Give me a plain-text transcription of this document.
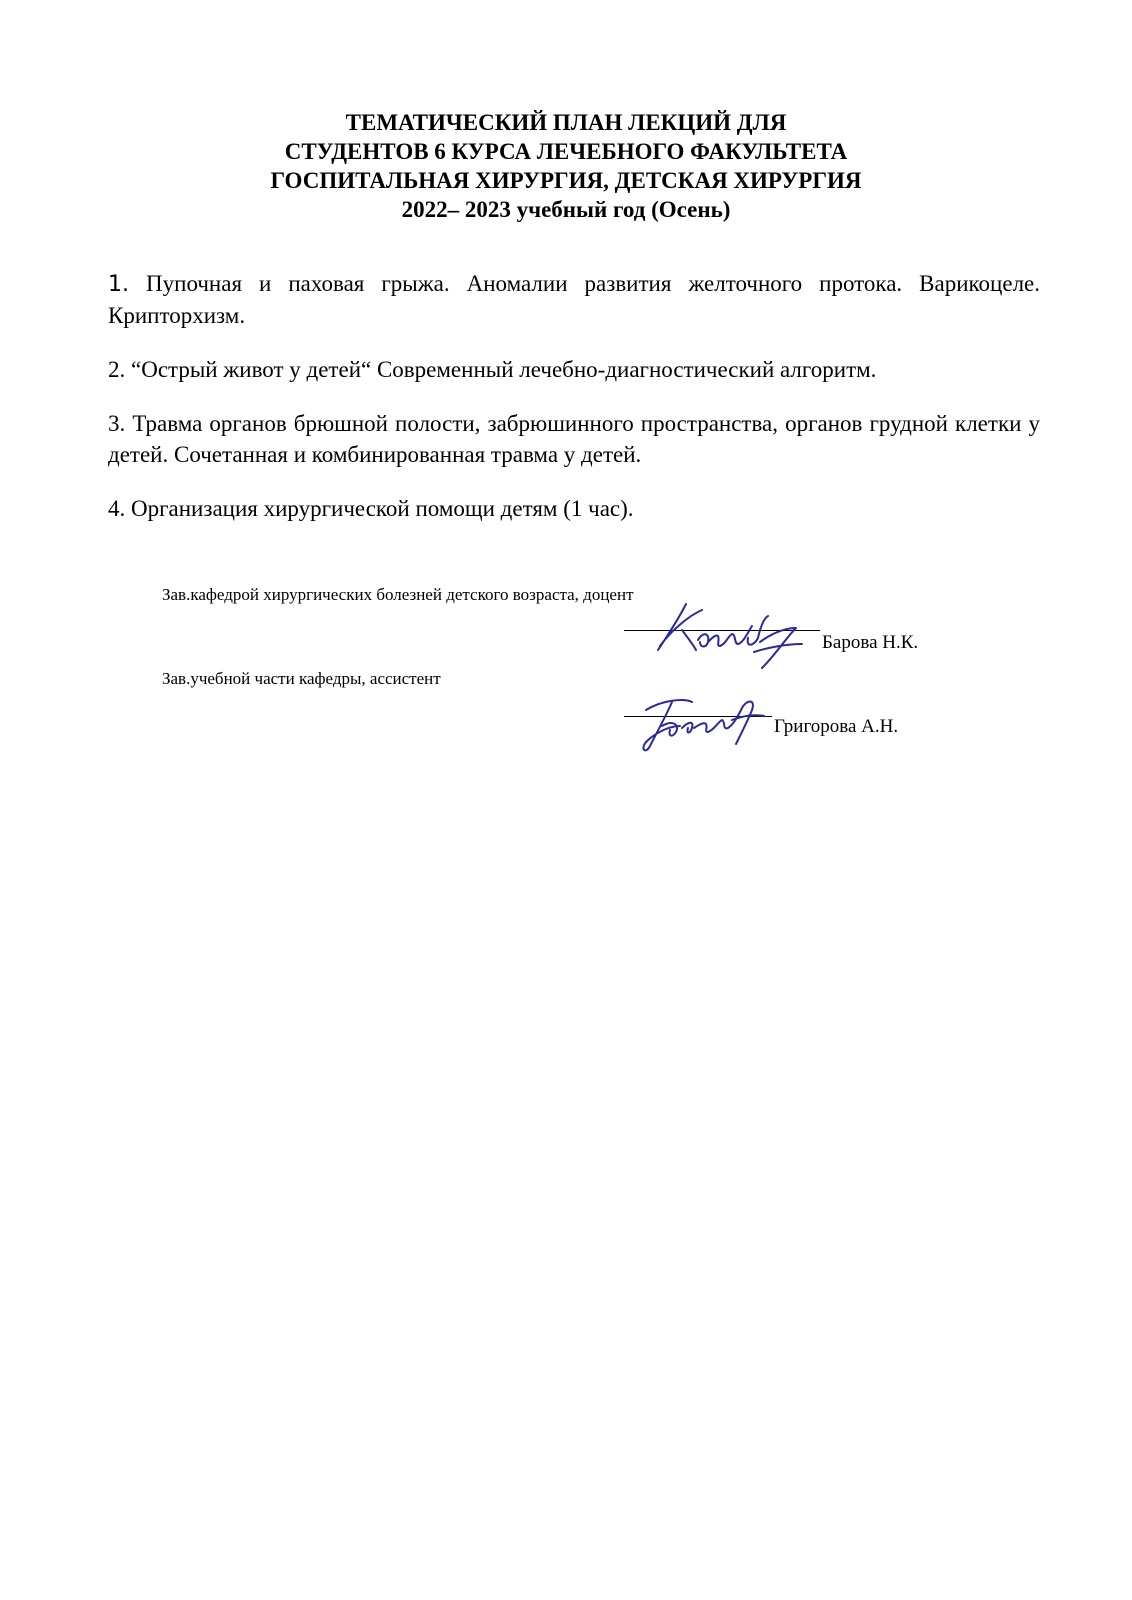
ТЕМАТИЧЕСКИЙ ПЛАН ЛЕКЦИЙ ДЛЯ
СТУДЕНТОВ 6 КУРСА ЛЕЧЕБНОГО ФАКУЛЬТЕТА
ГОСПИТАЛЬНАЯ ХИРУРГИЯ, ДЕТСКАЯ ХИРУРГИЯ
2022– 2023 учебный год (Осень)

1. Пупочная и паховая грыжа. Аномалии развития желточного протока. Варикоцеле. Крипторхизм.

2. “Острый живот у детей“ Современный лечебно-диагностический алгоритм.

3. Травма органов брюшной полости, забрюшинного пространства, органов грудной клетки у детей. Сочетанная и комбинированная травма у детей.

4. Организация хирургической помощи детям (1 час).

Зав.кафедрой хирургических болезней детского возраста, доцент
Барова Н.К.
Зав.учебной части кафедры, ассистент
Григорова А.Н.
